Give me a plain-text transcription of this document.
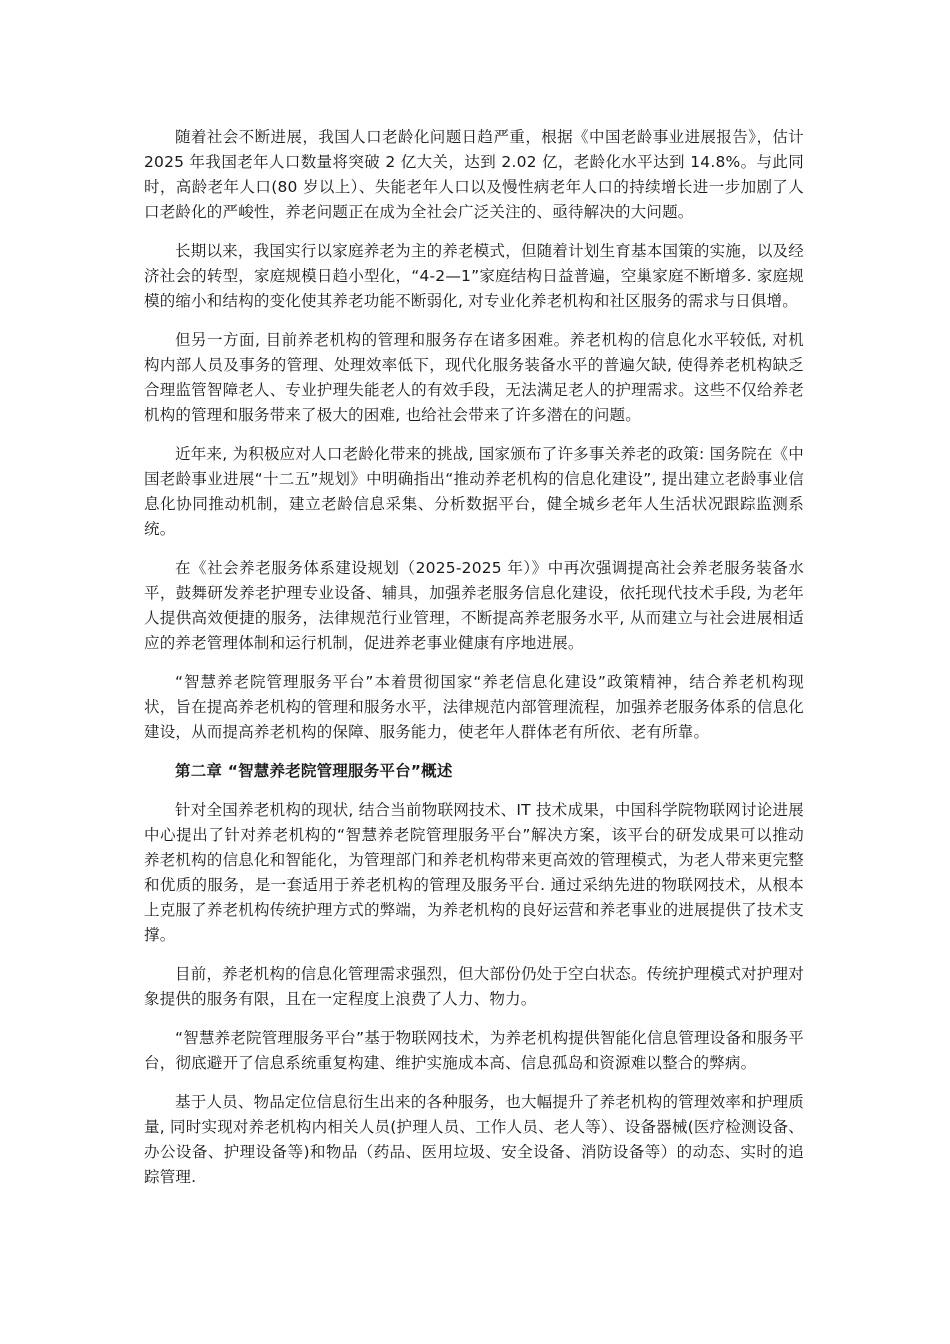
随着社会不断进展，我国人口老龄化问题日趋严重，根据《中国老龄事业进展报告》，估计 2025 年我国老年人口数量将突破 2 亿大关，达到 2.02 亿，老龄化水平达到 14.8%。与此同时，高龄老年人口(80 岁以上）、失能老年人口以及慢性病老年人口的持续增长进一步加剧了人口老龄化的严峻性，养老问题正在成为全社会广泛关注的、亟待解决的大问题。

长期以来，我国实行以家庭养老为主的养老模式，但随着计划生育基本国策的实施，以及经济社会的转型，家庭规模日趋小型化，“4-2—1”家庭结构日益普遍，空巢家庭不断增多. 家庭规模的缩小和结构的变化使其养老功能不断弱化, 对专业化养老机构和社区服务的需求与日俱增。

但另一方面, 目前养老机构的管理和服务存在诸多困难。养老机构的信息化水平较低, 对机构内部人员及事务的管理、处理效率低下，现代化服务装备水平的普遍欠缺, 使得养老机构缺乏合理监管智障老人、专业护理失能老人的有效手段，无法满足老人的护理需求。这些不仅给养老机构的管理和服务带来了极大的困难, 也给社会带来了许多潜在的问题。

近年来, 为积极应对人口老龄化带来的挑战, 国家颁布了许多事关养老的政策: 国务院在《中国老龄事业进展“十二五”规划》中明确指出“推动养老机构的信息化建设”, 提出建立老龄事业信息化协同推动机制，建立老龄信息采集、分析数据平台，健全城乡老年人生活状况跟踪监测系统。

在《社会养老服务体系建设规划（2025-2025 年）》中再次强调提高社会养老服务装备水平，鼓舞研发养老护理专业设备、辅具，加强养老服务信息化建设，依托现代技术手段, 为老年人提供高效便捷的服务，法律规范行业管理，不断提高养老服务水平, 从而建立与社会进展相适应的养老管理体制和运行机制，促进养老事业健康有序地进展。

“智慧养老院管理服务平台”本着贯彻国家“养老信息化建设”政策精神，结合养老机构现状，旨在提高养老机构的管理和服务水平，法律规范内部管理流程，加强养老服务体系的信息化建设，从而提高养老机构的保障、服务能力，使老年人群体老有所依、老有所靠。

第二章 “智慧养老院管理服务平台”概述

针对全国养老机构的现状, 结合当前物联网技术、IT 技术成果，中国科学院物联网讨论进展中心提出了针对养老机构的“智慧养老院管理服务平台”解决方案，该平台的研发成果可以推动养老机构的信息化和智能化，为管理部门和养老机构带来更高效的管理模式，为老人带来更完整和优质的服务，是一套适用于养老机构的管理及服务平台. 通过采纳先进的物联网技术，从根本上克服了养老机构传统护理方式的弊端，为养老机构的良好运营和养老事业的进展提供了技术支撑。

目前，养老机构的信息化管理需求强烈，但大部份仍处于空白状态。传统护理模式对护理对象提供的服务有限，且在一定程度上浪费了人力、物力。

“智慧养老院管理服务平台”基于物联网技术，为养老机构提供智能化信息管理设备和服务平台，彻底避开了信息系统重复构建、维护实施成本高、信息孤岛和资源难以整合的弊病。

基于人员、物品定位信息衍生出来的各种服务，也大幅提升了养老机构的管理效率和护理质量, 同时实现对养老机构内相关人员(护理人员、工作人员、老人等）、设备器械(医疗检测设备、办公设备、护理设备等)和物品（药品、医用垃圾、安全设备、消防设备等）的动态、实时的追踪管理.
